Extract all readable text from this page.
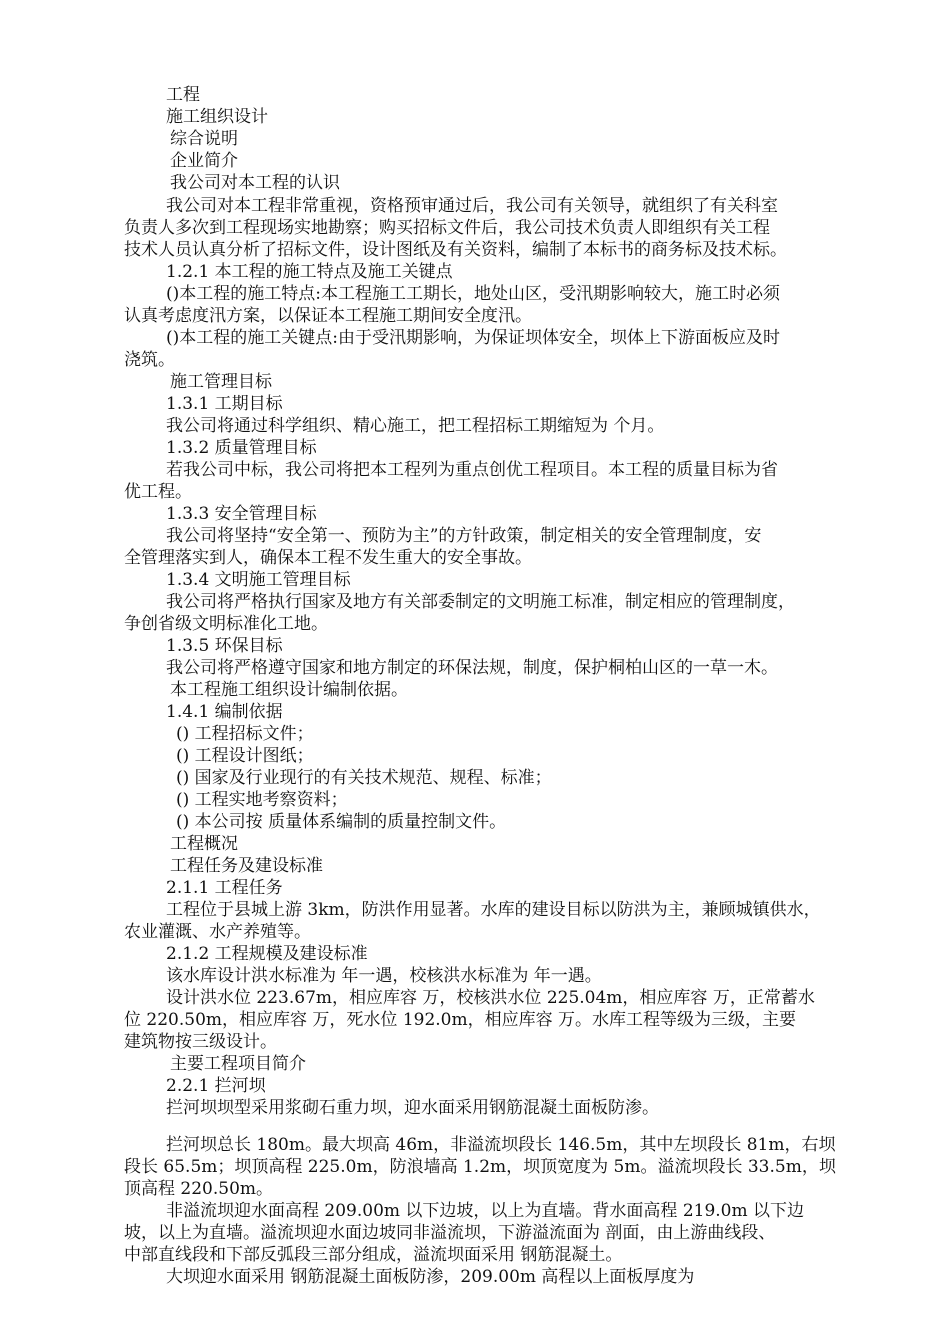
工程
施工组织设计
综合说明
企业简介
我公司对本工程的认识
我公司对本工程非常重视，资格预审通过后，我公司有关领导，就组织了有关科室
负责人多次到工程现场实地勘察；购买招标文件后，我公司技术负责人即组织有关工程
技术人员认真分析了招标文件，设计图纸及有关资料，编制了本标书的商务标及技术标。
1.2.1 本工程的施工特点及施工关键点
()本工程的施工特点:本工程施工工期长，地处山区，受汛期影响较大，施工时必须
认真考虑度汛方案，以保证本工程施工期间安全度汛。
()本工程的施工关键点:由于受汛期影响，为保证坝体安全，坝体上下游面板应及时
浇筑。
施工管理目标
1.3.1 工期目标
我公司将通过科学组织、精心施工，把工程招标工期缩短为 个月。
1.3.2 质量管理目标
若我公司中标，我公司将把本工程列为重点创优工程项目。本工程的质量目标为省
优工程。
1.3.3 安全管理目标
我公司将坚持“安全第一、预防为主”的方针政策，制定相关的安全管理制度，安
全管理落实到人，确保本工程不发生重大的安全事故。
1.3.4 文明施工管理目标
我公司将严格执行国家及地方有关部委制定的文明施工标准，制定相应的管理制度，
争创省级文明标准化工地。
1.3.5 环保目标
我公司将严格遵守国家和地方制定的环保法规，制度，保护桐柏山区的一草一木。
本工程施工组织设计编制依据。
1.4.1 编制依据
() 工程招标文件；
() 工程设计图纸；
() 国家及行业现行的有关技术规范、规程、标准；
() 工程实地考察资料；
() 本公司按 质量体系编制的质量控制文件。
工程概况
工程任务及建设标准
2.1.1 工程任务
工程位于县城上游 3km，防洪作用显著。水库的建设目标以防洪为主，兼顾城镇供水，
农业灌溉、水产养殖等。
2.1.2 工程规模及建设标准
该水库设计洪水标准为 年一遇，校核洪水标准为 年一遇。
设计洪水位 223.67m，相应库容 万，校核洪水位 225.04m，相应库容 万，正常蓄水
位 220.50m，相应库容 万，死水位 192.0m，相应库容 万。水库工程等级为三级，主要
建筑物按三级设计。
主要工程项目简介
2.2.1 拦河坝
拦河坝坝型采用浆砌石重力坝，迎水面采用钢筋混凝土面板防渗。
拦河坝总长 180m。最大坝高 46m，非溢流坝段长 146.5m，其中左坝段长 81m，右坝
段长 65.5m；坝顶高程 225.0m，防浪墙高 1.2m，坝顶宽度为 5m。溢流坝段长 33.5m，坝
顶高程 220.50m。
非溢流坝迎水面高程 209.00m 以下边坡，以上为直墙。背水面高程 219.0m 以下边
坡，以上为直墙。溢流坝迎水面边坡同非溢流坝，下游溢流面为 剖面，由上游曲线段、
中部直线段和下部反弧段三部分组成，溢流坝面采用 钢筋混凝土。
大坝迎水面采用 钢筋混凝土面板防渗，209.00m 高程以上面板厚度为
